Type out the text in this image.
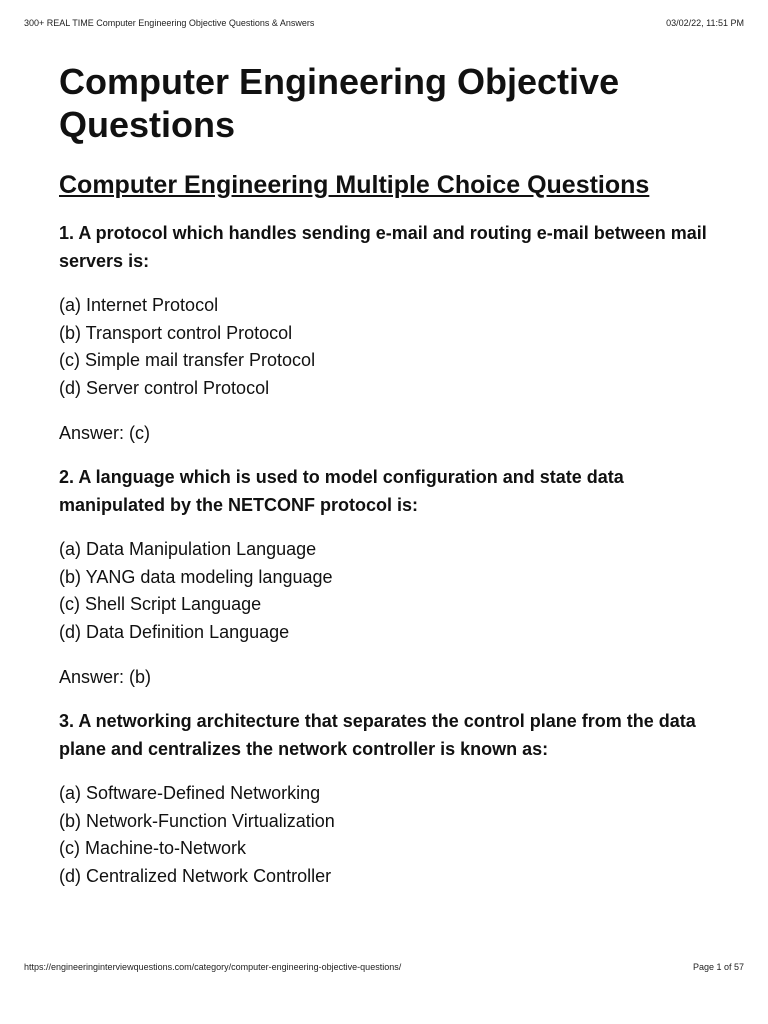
300+ REAL TIME Computer Engineering Objective Questions & Answers	03/02/22, 11:51 PM
Computer Engineering Objective Questions
Computer Engineering Multiple Choice Questions

1. A protocol which handles sending e-mail and routing e-mail between mail servers is:

(a) Internet Protocol
(b) Transport control Protocol
(c) Simple mail transfer Protocol
(d) Server control Protocol

Answer: (c)

2. A language which is used to model configuration and state data manipulated by the NETCONF protocol is:

(a) Data Manipulation Language
(b) YANG data modeling language
(c) Shell Script Language
(d) Data Definition Language

Answer: (b)

3. A networking architecture that separates the control plane from the data plane and centralizes the network controller is known as:

(a) Software-Defined Networking
(b) Network-Function Virtualization
(c) Machine-to-Network
(d) Centralized Network Controller
https://engineeringinterviewquestions.com/category/computer-engineering-objective-questions/	Page 1 of 57
